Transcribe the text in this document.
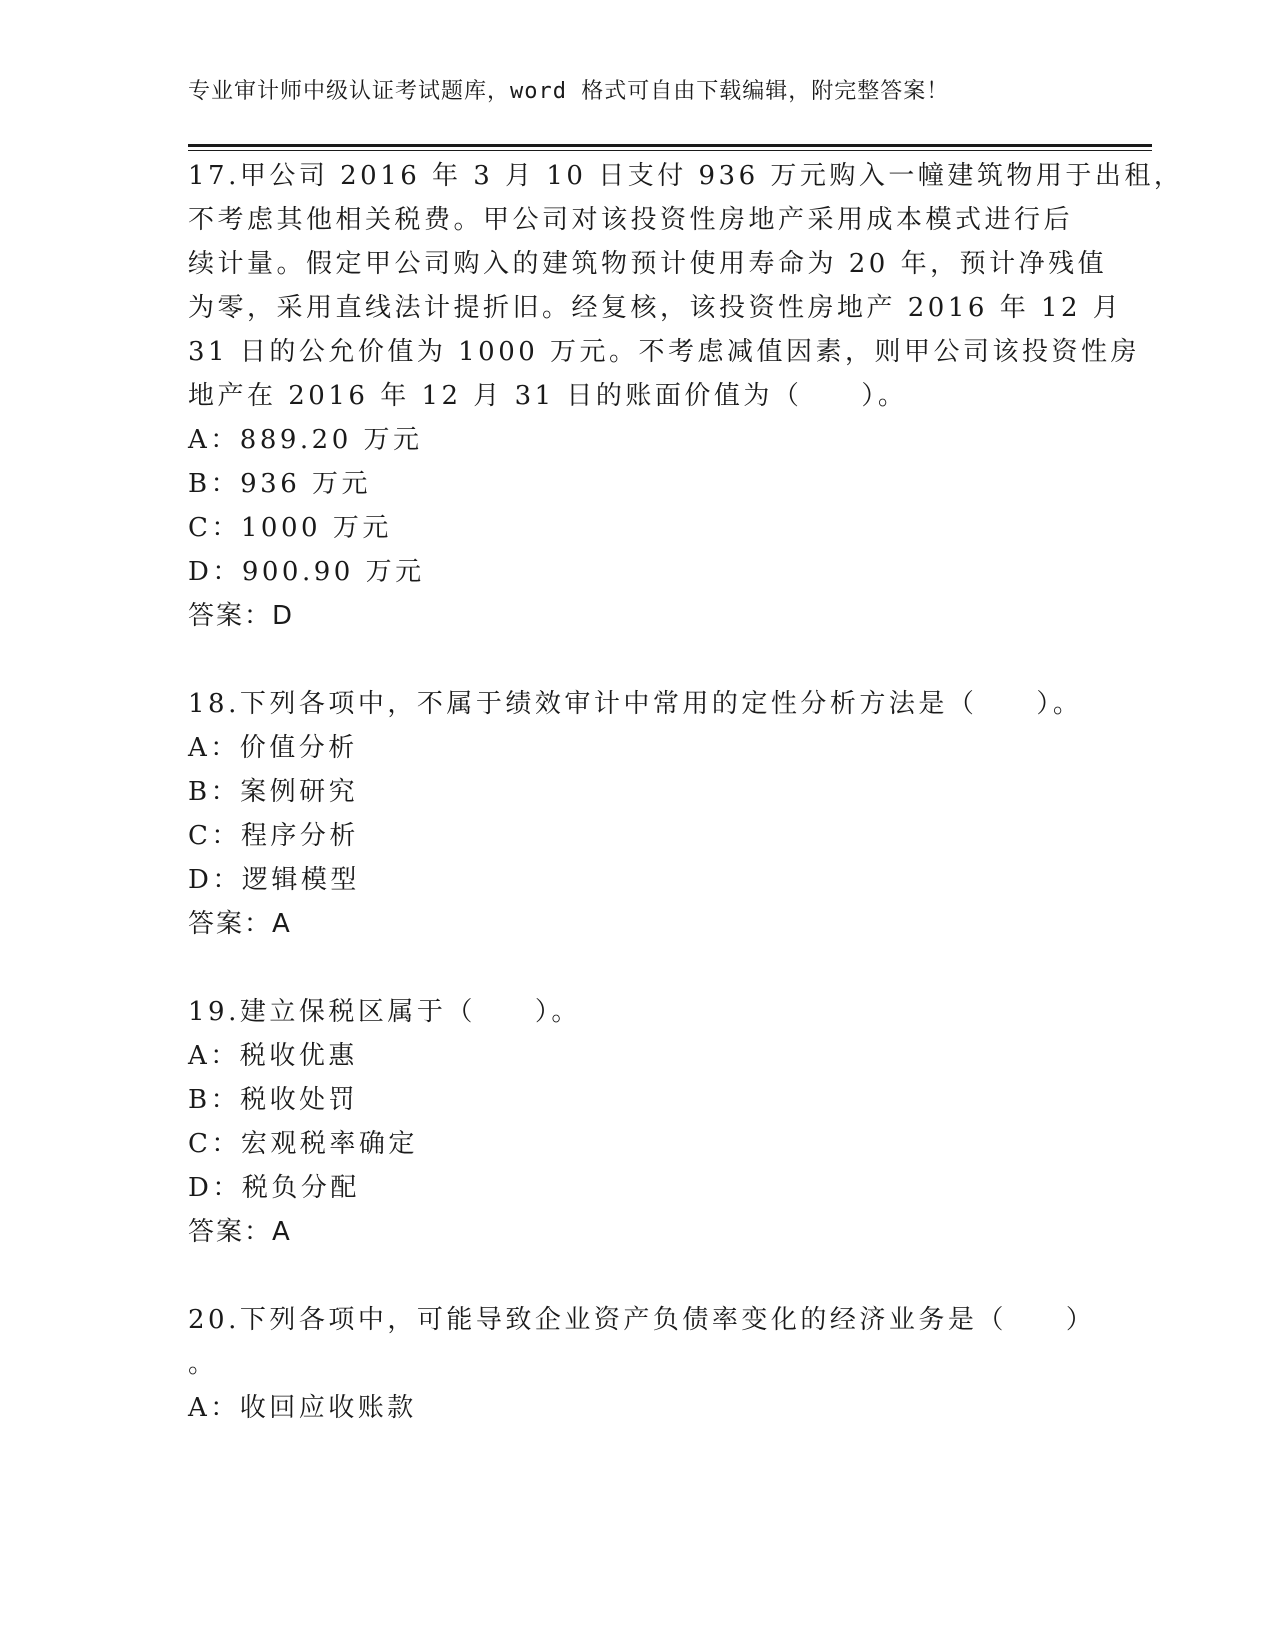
专业审计师中级认证考试题库，word 格式可自由下载编辑，附完整答案！
17.甲公司 2016 年 3 月 10 日支付 936 万元购入一幢建筑物用于出租，
不考虑其他相关税费。甲公司对该投资性房地产采用成本模式进行后
续计量。假定甲公司购入的建筑物预计使用寿命为 20 年，预计净残值
为零，采用直线法计提折旧。经复核，该投资性房地产 2016 年 12 月
31 日的公允价值为 1000 万元。不考虑减值因素，则甲公司该投资性房
地产在 2016 年 12 月 31 日的账面价值为（　　）。
A：889.20 万元
B：936 万元
C：1000 万元
D：900.90 万元
答案：D
18.下列各项中，不属于绩效审计中常用的定性分析方法是（　　）。
A：价值分析
B：案例研究
C：程序分析
D：逻辑模型
答案：A
19.建立保税区属于（　　）。
A：税收优惠
B：税收处罚
C：宏观税率确定
D：税负分配
答案：A
20.下列各项中，可能导致企业资产负债率变化的经济业务是（　　）
。
A：收回应收账款
